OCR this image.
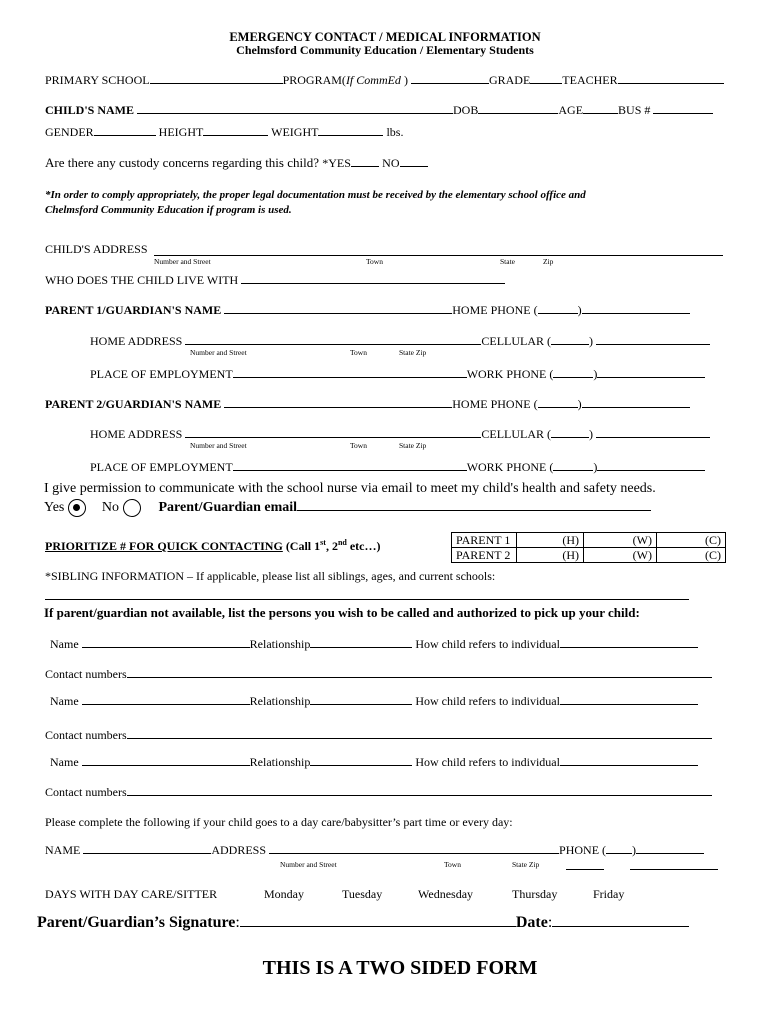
EMERGENCY CONTACT / MEDICAL INFORMATION
Chelmsford Community Education / Elementary Students
PRIMARY SCHOOL	PROGRAM(If CommEd )	GRADE	TEACHER
CHILD'S NAME	DOB	AGE	BUS #
GENDER	HEIGHT	WEIGHT	lbs.
Are there any custody concerns regarding this child? *YES	NO
*In order to comply appropriately, the proper legal documentation must be received by the elementary school office and
Chelmsford Community Education if program is used.
CHILD'S ADDRESS
Number and Street	Town	State	Zip
WHO DOES THE CHILD LIVE WITH
PARENT 1/GUARDIAN'S NAME	HOME PHONE (	)
HOME ADDRESS	CELLULAR (	)
Number and Street	Town	State Zip
PLACE OF EMPLOYMENT	WORK PHONE (	)
PARENT 2/GUARDIAN'S NAME	HOME PHONE (	)
HOME ADDRESS	CELLULAR (	)
Number and Street	Town	State Zip
PLACE OF EMPLOYMENT	WORK PHONE (	)
I give permission to communicate with the school nurse via email to meet my child's health and safety needs.
Yes	No	Parent/Guardian email
PRIORITIZE # FOR QUICK CONTACTING (Call 1st, 2nd etc…)	PARENT 1	(H)	(W)	(C)
PARENT 2	(H)	(W)	(C)
*SIBLING INFORMATION – If applicable, please list all siblings, ages, and current schools:
If parent/guardian not available, list the persons you wish to be called and authorized to pick up your child:
Name	Relationship	How child refers to individual
Contact numbers
Name	Relationship	How child refers to individual
Contact numbers
Name	Relationship	How child refers to individual
Contact numbers
Please complete the following if your child goes to a day care/babysitter’s part time or every day:
NAME	ADDRESS	PHONE ( )
Number and Street	Town	State Zip
DAYS WITH DAY CARE/SITTER	Monday	Tuesday	Wednesday	Thursday	Friday
Parent/Guardian’s Signature:	Date:
THIS IS A TWO SIDED FORM
